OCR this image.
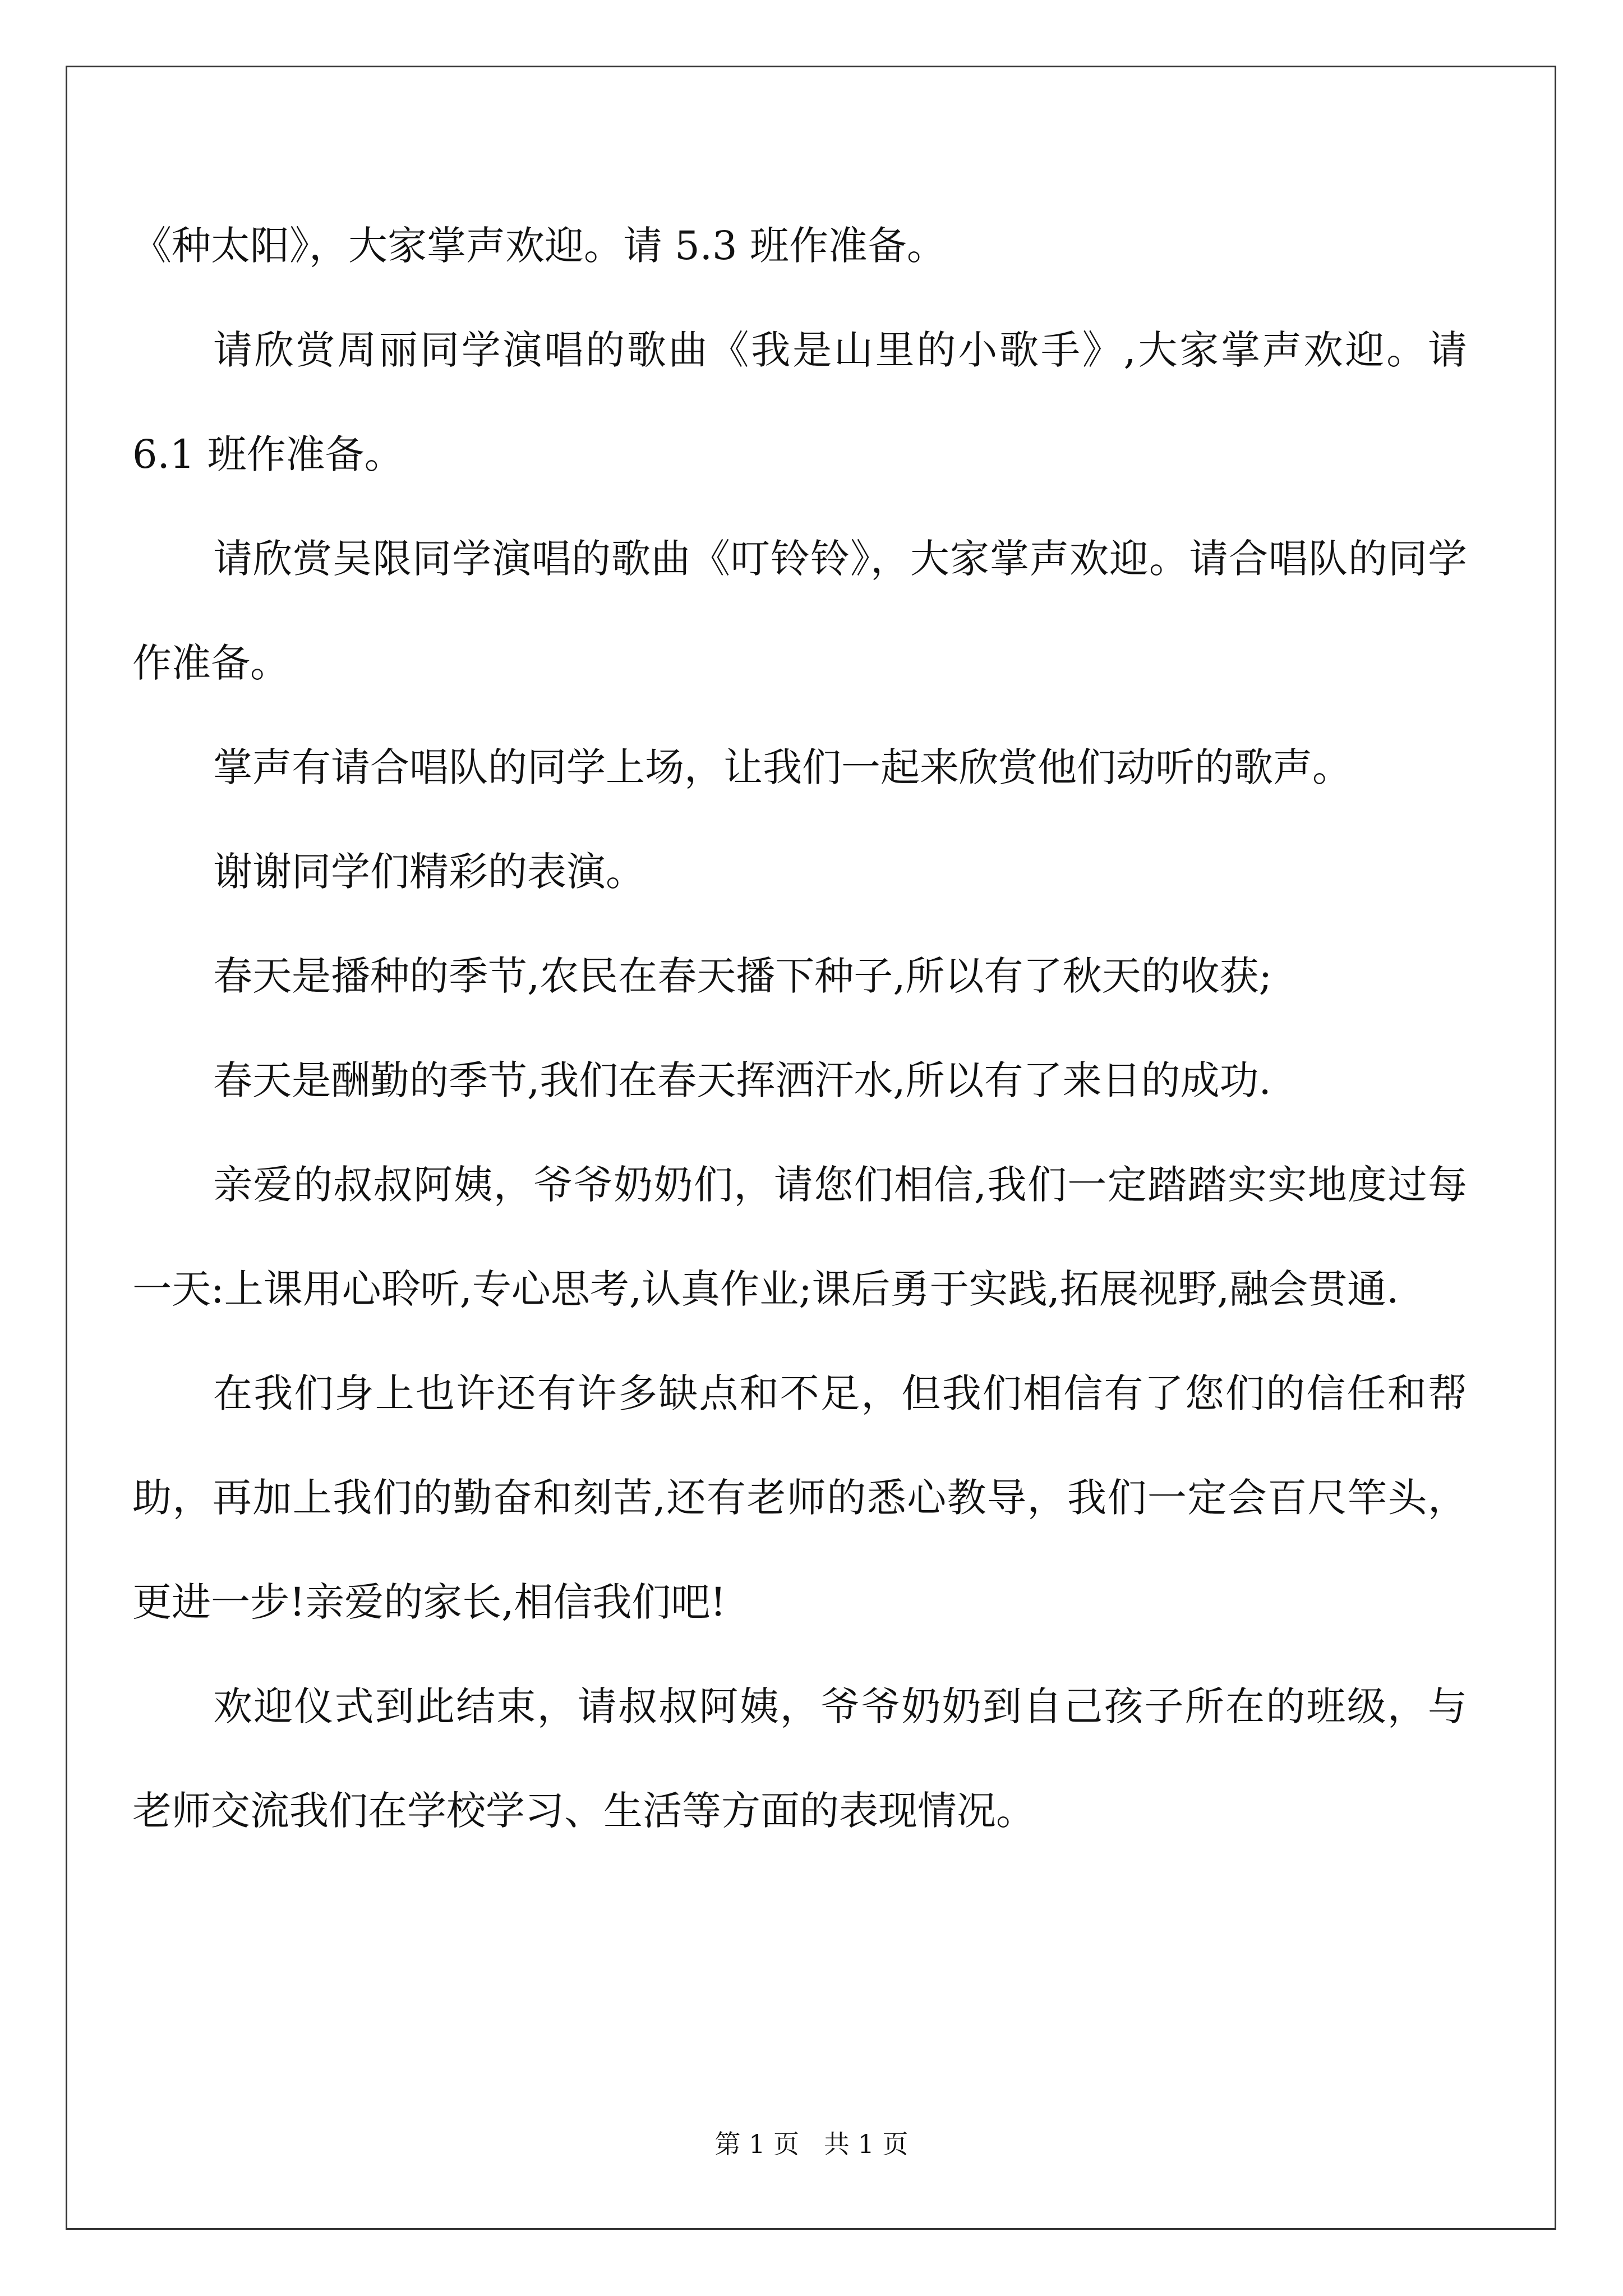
《种太阳》，大家掌声欢迎。请 5.3 班作准备。

请欣赏周丽同学演唱的歌曲《我是山里的小歌手》,大家掌声欢迎。请 6.1 班作准备。

请欣赏吴限同学演唱的歌曲《叮铃铃》，大家掌声欢迎。请合唱队的同学作准备。

掌声有请合唱队的同学上场，让我们一起来欣赏他们动听的歌声。

谢谢同学们精彩的表演。

春天是播种的季节,农民在春天播下种子,所以有了秋天的收获;

春天是酬勤的季节,我们在春天挥洒汗水,所以有了来日的成功.

亲爱的叔叔阿姨，爷爷奶奶们，请您们相信,我们一定踏踏实实地度过每一天:上课用心聆听,专心思考,认真作业;课后勇于实践,拓展视野,融会贯通.

在我们身上也许还有许多缺点和不足，但我们相信有了您们的信任和帮助，再加上我们的勤奋和刻苦,还有老师的悉心教导，我们一定会百尺竿头，更进一步!亲爱的家长,相信我们吧!

欢迎仪式到此结束，请叔叔阿姨，爷爷奶奶到自己孩子所在的班级，与老师交流我们在学校学习、生活等方面的表现情况。

第 1 页   共 1 页
